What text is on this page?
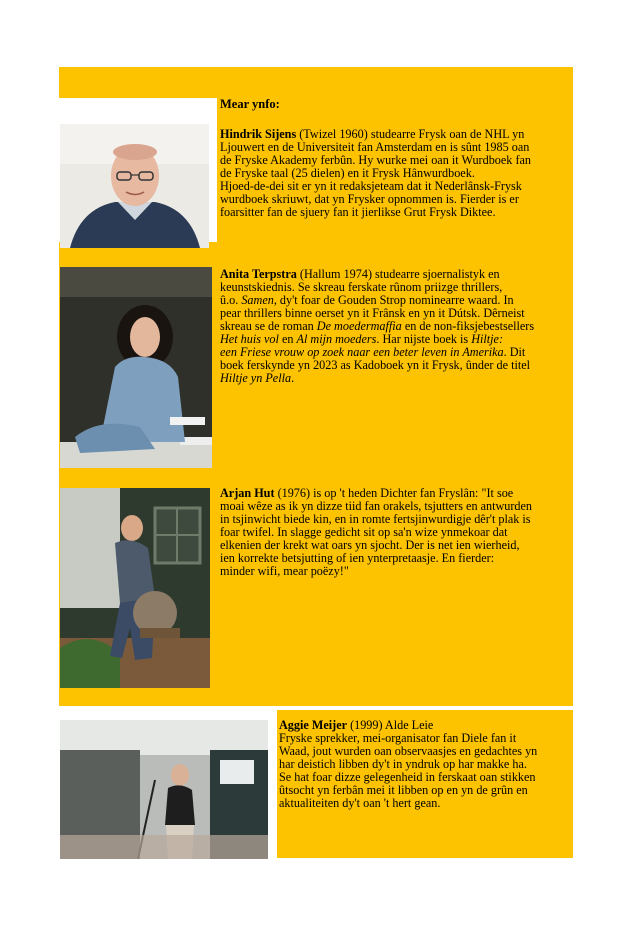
Mear ynfo:
Hindrik Sijens (Twizel 1960) studearre Frysk oan de NHL yn
Ljouwert en de Universiteit fan Amsterdam en is sûnt 1985 oan
de Fryske Akademy ferbûn. Hy wurke mei oan it Wurdboek fan
de Fryske taal (25 dielen) en it Frysk Hânwurdboek.
Hjoed-de-dei sit er yn it redaksjeteam dat it Nederlânsk-Frysk
wurdboek skriuwt, dat yn Frysker opnommen is. Fierder is er
foarsitter fan de sjuery fan it jierlikse Grut Frysk Diktee.
Anita Terpstra (Hallum 1974) studearre sjoernalistyk en
keunstskiednis. Se skreau ferskate rûnom priizge thrillers,
û.o. Samen, dy't foar de Gouden Strop nominearre waard. In
pear thrillers binne oerset yn it Frânsk en yn it Dútsk. Dêrneist
skreau se de roman De moedermaffia en de non-fiksjebestsellers
Het huis vol en Al mijn moeders. Har nijste boek is Hiltje:
een Friese vrouw op zoek naar een beter leven in Amerika. Dit
boek ferskynde yn 2023 as Kadoboek yn it Frysk, ûnder de titel
Hiltje yn Pella.
Arjan Hut (1976) is op 't heden Dichter fan Fryslân: "It soe
moai wêze as ik yn dizze tiid fan orakels, tsjutters en antwurden
in tsjinwicht biede kin, en in romte fertsjinwurdigje dêr't plak is
foar twifel. In slagge gedicht sit op sa'n wize ynmekoar dat
elkenien der krekt wat oars yn sjocht. Der is net ien wierheid,
ien korrekte betsjutting of ien ynterpretaasje. En fierder:
minder wifi, mear poëzy!"
Aggie Meijer (1999) Alde Leie
Fryske sprekker, mei-organisator fan Diele fan it
Waad, jout wurden oan observaasjes en gedachtes yn
har deistich libben dy't in yndruk op har makke ha.
Se hat foar dizze gelegenheid in ferskaat oan stikken
ûtsocht yn ferbân mei it libben op en yn de grûn en
aktualiteiten dy't oan 't hert gean.
